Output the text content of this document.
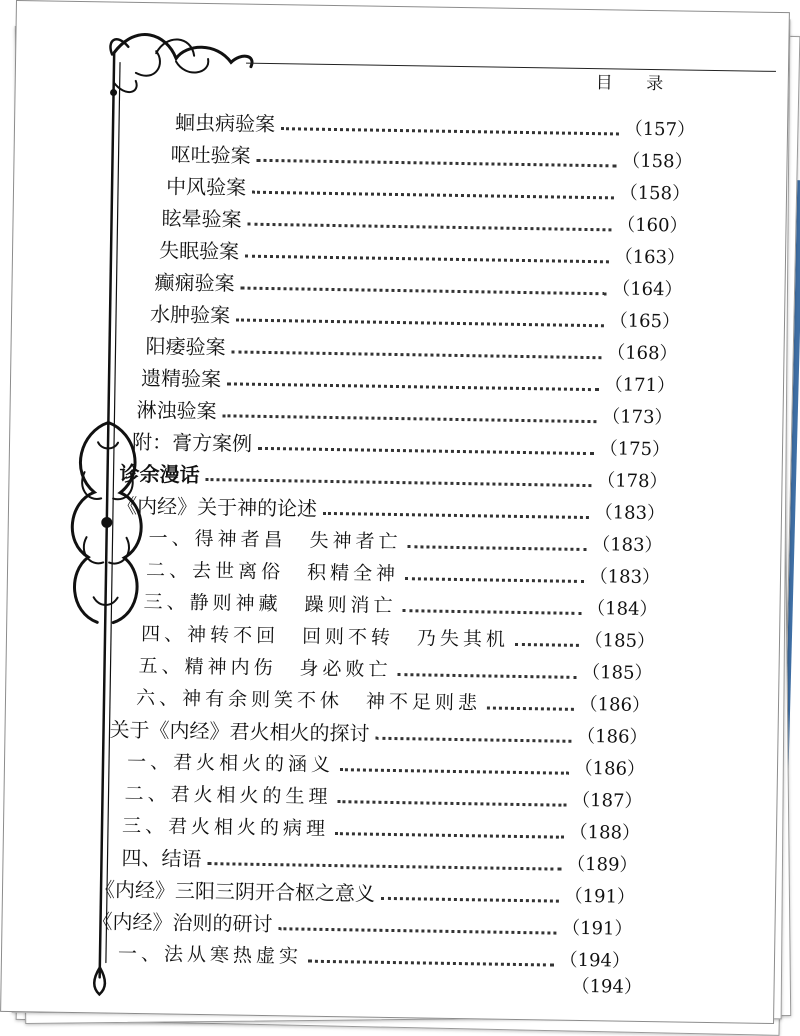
目 录
蛔虫病验案	（157）
呕吐验案	（158）
中风验案	（158）
眩晕验案	（160）
失眠验案	（163）
癫痫验案	（164）
水肿验案	（165）
阳痿验案	（168）
遗精验案	（171）
淋浊验案	（173）
附：膏方案例	（175）
诊余漫话	（178）
《内经》关于神的论述	（183）
一、得神者昌　失神者亡	（183）
二、去世离俗　积精全神	（183）
三、静则神藏　躁则消亡	（184）
四、神转不回　回则不转　乃失其机	（185）
五、精神内伤　身必败亡	（185）
六、神有余则笑不休　神不足则悲	（186）
关于《内经》君火相火的探讨	（186）
一、君火相火的涵义	（186）
二、君火相火的生理	（187）
三、君火相火的病理	（188）
四、结语	（189）
《内经》三阳三阴开合枢之意义	（191）
《内经》治则的研讨	（191）
一、法从寒热虚实	（194）
（194）
